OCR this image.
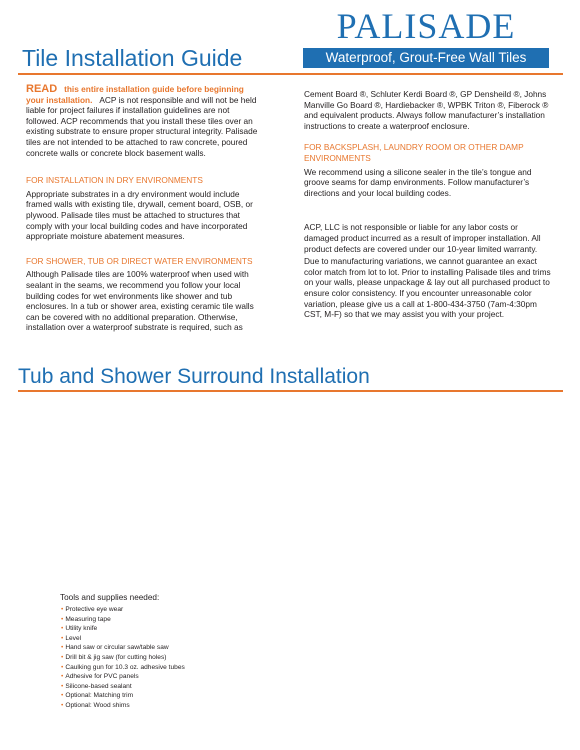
PALISADE
Waterproof, Grout-Free Wall Tiles
Tile Installation Guide

READ this entire installation guide before beginning your installation. ACP is not responsible and will not be held liable for project failures if installation guidelines are not followed. ACP recommends that you install these tiles over an existing substrate to ensure proper structural integrity. Palisade tiles are not intended to be attached to raw concrete, poured concrete walls or concrete block basement walls.

FOR INSTALLATION IN DRY ENVIRONMENTS

Appropriate substrates in a dry environment would include framed walls with existing tile, drywall, cement board, OSB, or plywood. Palisade tiles must be attached to structures that comply with your local building codes and have incorporated appropriate moisture abatement measures.

FOR SHOWER, TUB OR DIRECT WATER ENVIRONMENTS

Although Palisade tiles are 100% waterproof when used with sealant in the seams, we recommend you follow your local building codes for wet environments like shower and tub enclosures. In a tub or shower area, existing ceramic tile walls can be covered with no additional preparation. Otherwise, installation over a waterproof substrate is required, such as

Cement Board ®, Schluter Kerdi Board ®, GP Densheild ®, Johns Manville Go Board ®, Hardiebacker ®, WPBK Triton ®, Fiberock ® and equivalent products. Always follow manufacturer’s installation instructions to create a waterproof enclosure.

FOR BACKSPLASH, LAUNDRY ROOM OR OTHER DAMP ENVIRONMENTS

We recommend using a silicone sealer in the tile’s tongue and groove seams for damp environments. Follow manufacturer’s directions and your local building codes.

ACP, LLC is not responsible or liable for any labor costs or damaged product incurred as a result of improper installation. All product defects are covered under our 10-year limited warranty.

Due to manufacturing variations, we cannot guarantee an exact color match from lot to lot. Prior to installing Palisade tiles and trims on your walls, please unpackage & lay out all purchased product to ensure color consistency. If you encounter unreasonable color variation, please give us a call at 1-800-434-3750 (7am-4:30pm CST, M-F) so that we may assist you with your project.

Tub and Shower Surround Installation
Tools and supplies needed:
• Protective eye wear
• Measuring tape
• Utility knife
• Level
• Hand saw or circular saw/table saw
• Drill bit & jig saw (for cutting holes)
• Caulking gun for 10.3 oz. adhesive tubes
• Adhesive for PVC panels
• Silicone-based sealant
• Optional: Matching trim
• Optional: Wood shims
